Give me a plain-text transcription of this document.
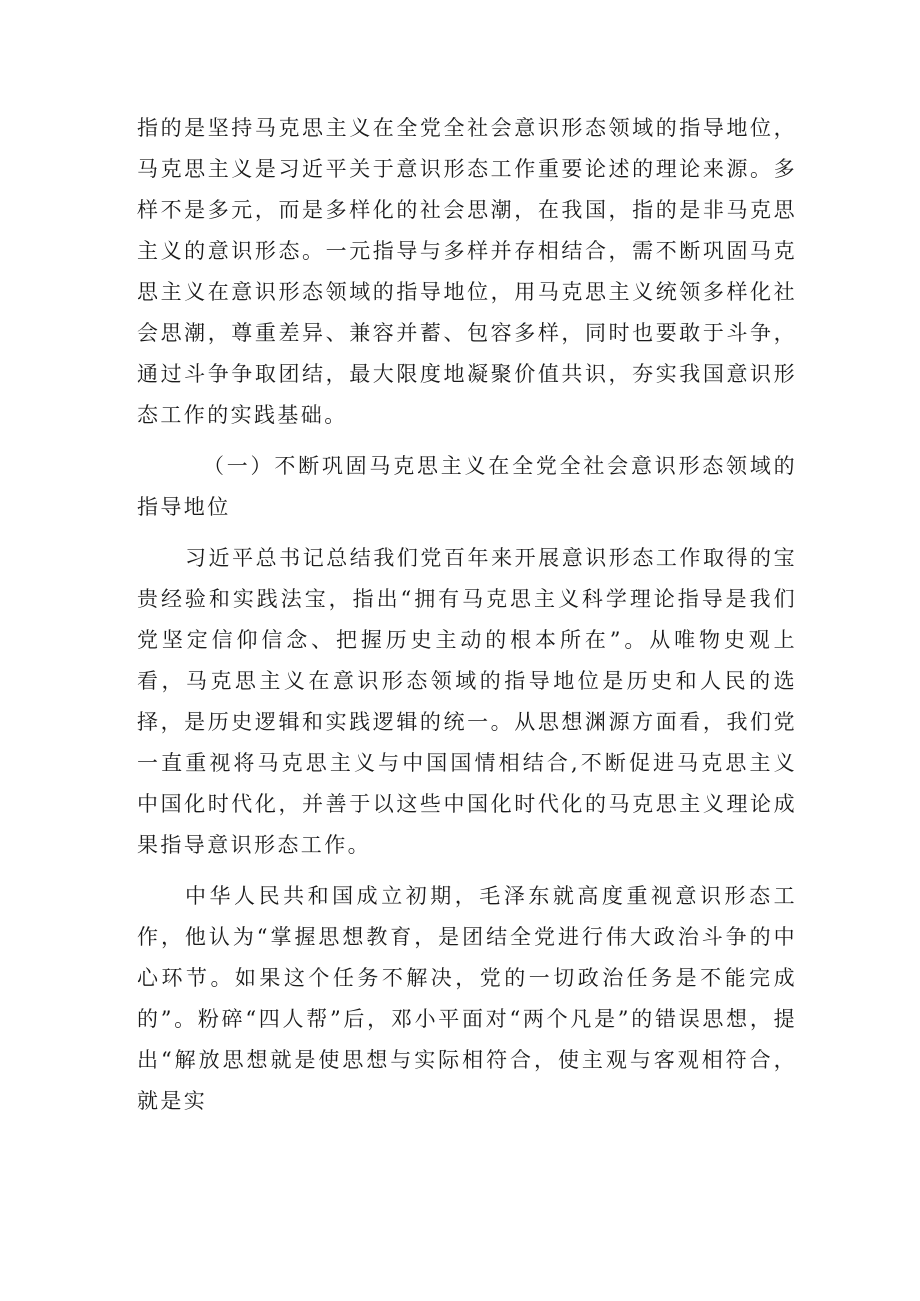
指的是坚持马克思主义在全党全社会意识形态领域的指导地位，马克思主义是习近平关于意识形态工作重要论述的理论来源。多样不是多元，而是多样化的社会思潮，在我国，指的是非马克思主义的意识形态。一元指导与多样并存相结合，需不断巩固马克思主义在意识形态领域的指导地位，用马克思主义统领多样化社会思潮，尊重差异、兼容并蓄、包容多样，同时也要敢于斗争，通过斗争争取团结，最大限度地凝聚价值共识，夯实我国意识形态工作的实践基础。

（一）不断巩固马克思主义在全党全社会意识形态领域的指导地位

习近平总书记总结我们党百年来开展意识形态工作取得的宝贵经验和实践法宝，指出“拥有马克思主义科学理论指导是我们党坚定信仰信念、把握历史主动的根本所在”。从唯物史观上看，马克思主义在意识形态领域的指导地位是历史和人民的选择，是历史逻辑和实践逻辑的统一。从思想渊源方面看，我们党一直重视将马克思主义与中国国情相结合,不断促进马克思主义中国化时代化，并善于以这些中国化时代化的马克思主义理论成果指导意识形态工作。

中华人民共和国成立初期，毛泽东就高度重视意识形态工作，他认为“掌握思想教育，是团结全党进行伟大政治斗争的中心环节。如果这个任务不解决，党的一切政治任务是不能完成的”。粉碎“四人帮”后，邓小平面对“两个凡是”的错误思想，提出“解放思想就是使思想与实际相符合，使主观与客观相符合，就是实
